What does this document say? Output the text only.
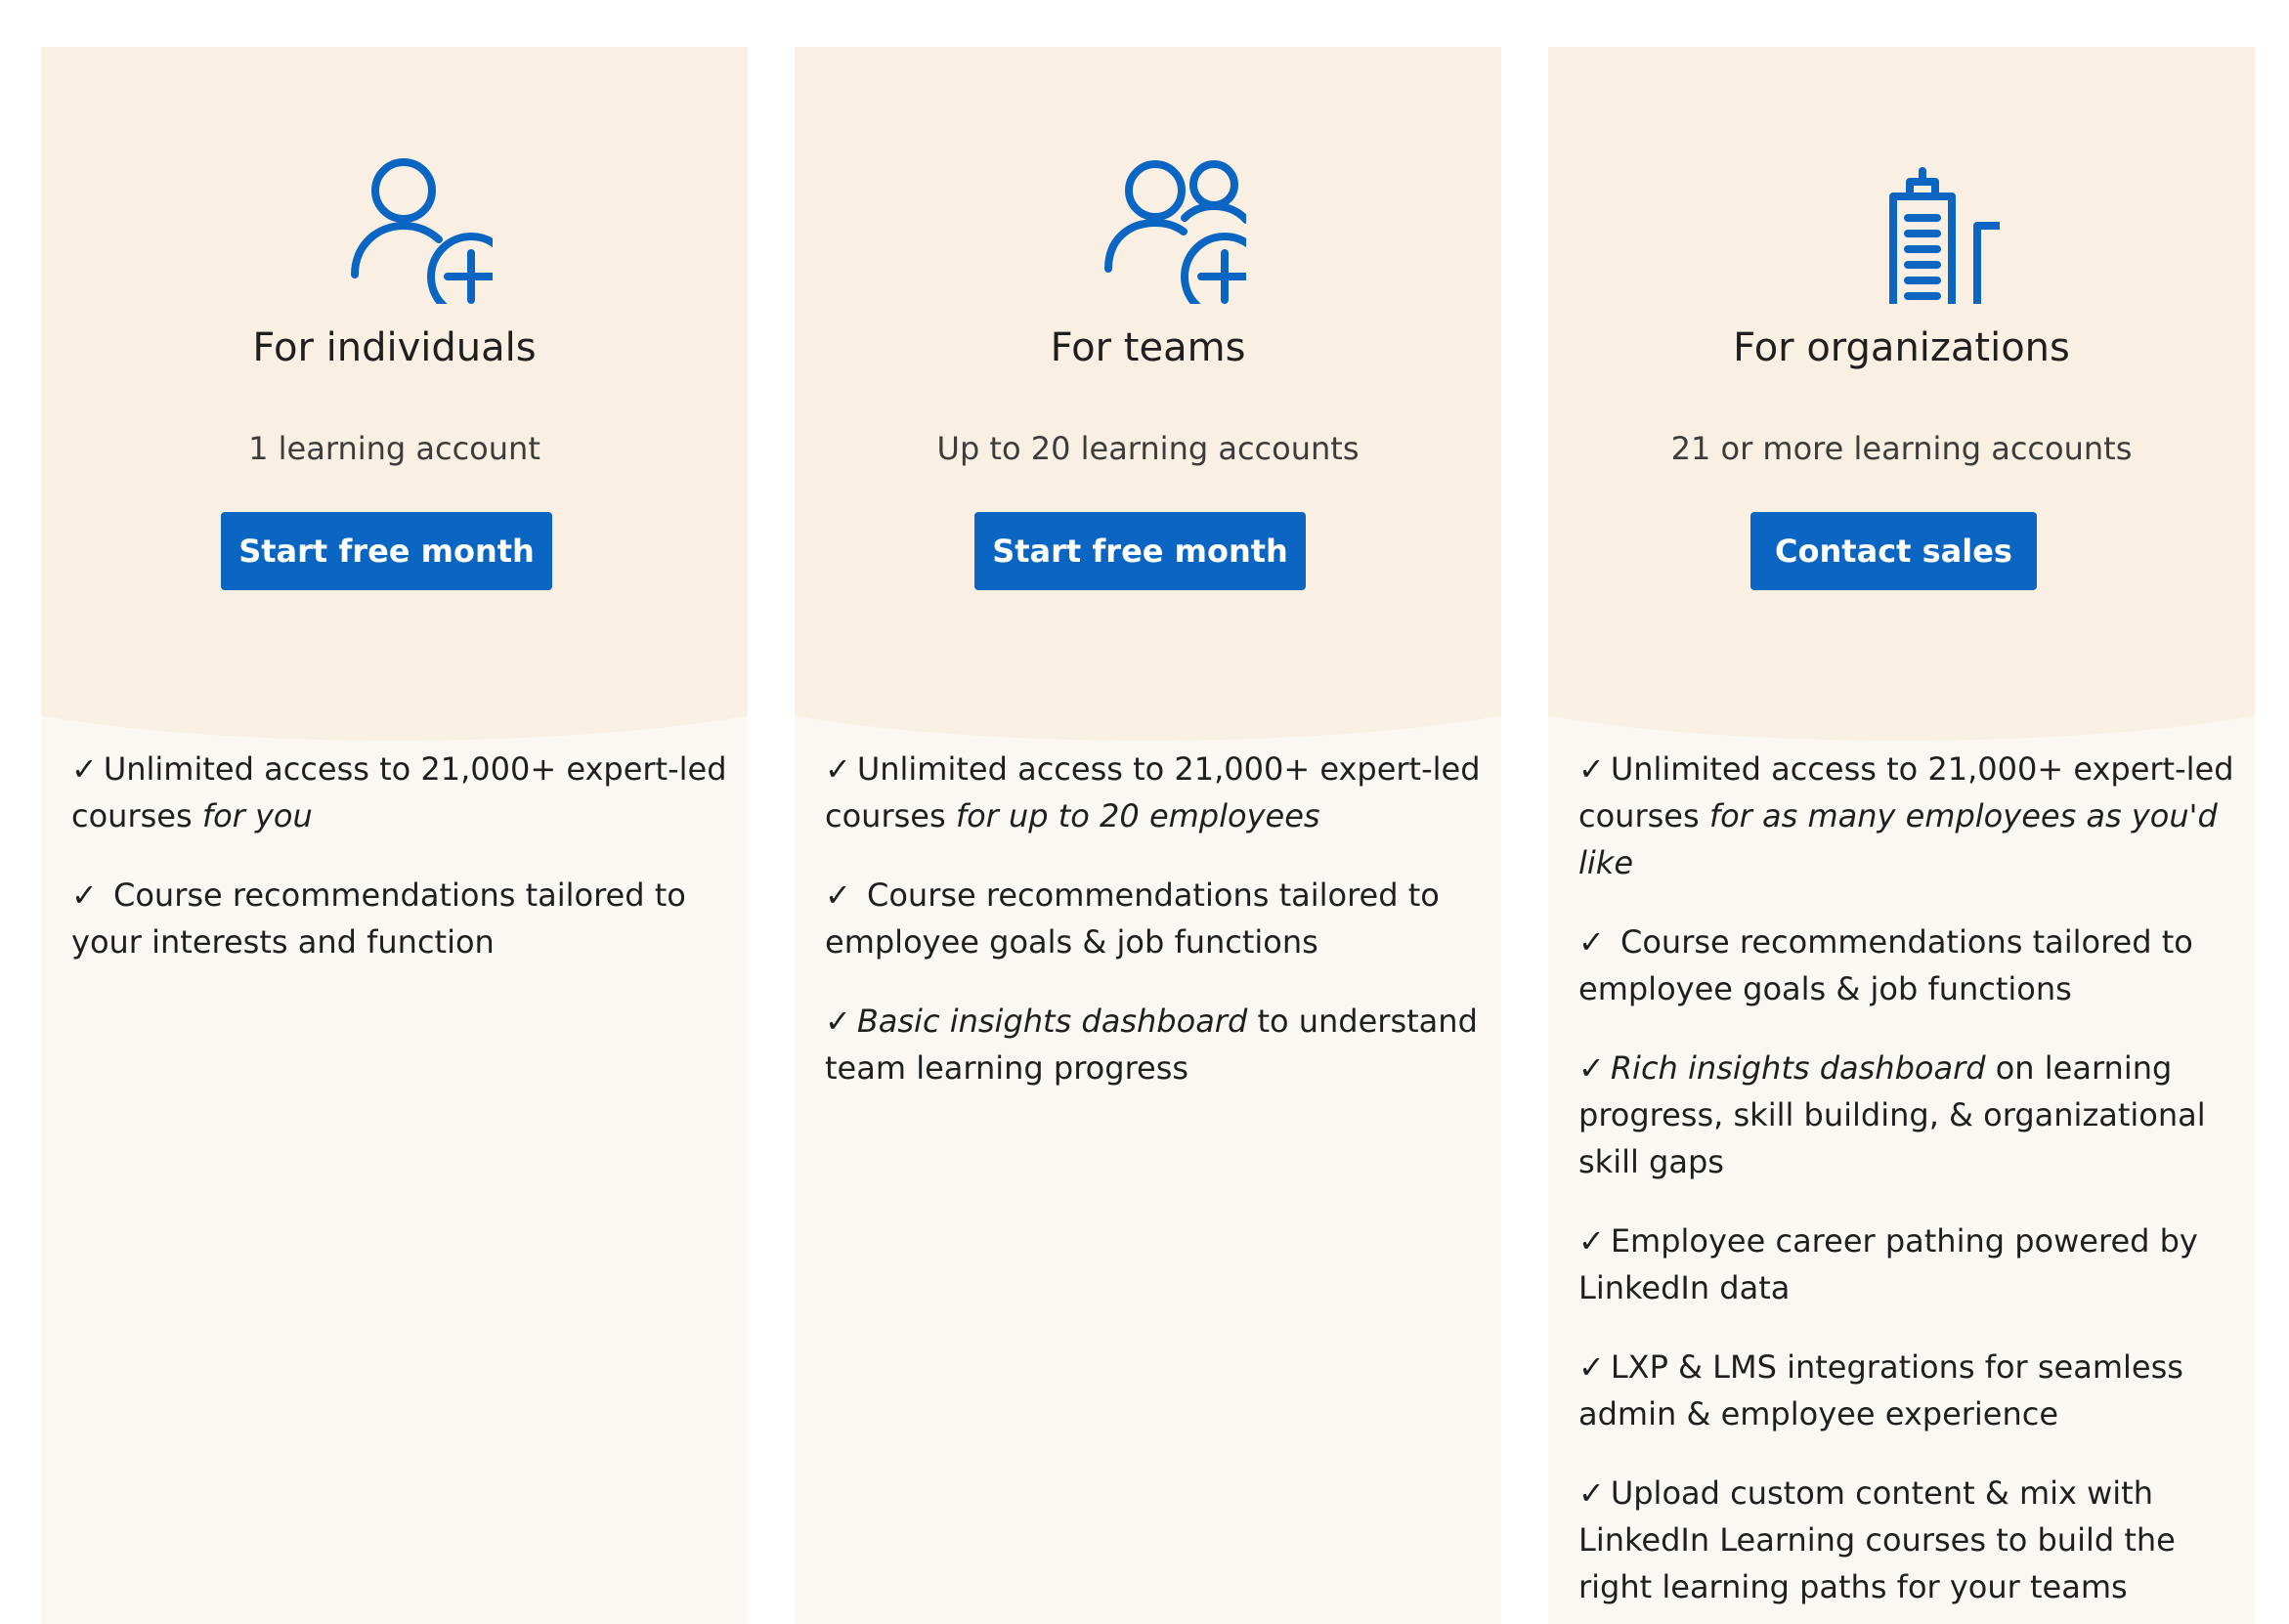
For individuals
1 learning account
Start free month
✓ Unlimited access to 21,000+ expert-led courses for you
✓ Course recommendations tailored to your interests and function
For teams
Up to 20 learning accounts
Start free month
✓ Unlimited access to 21,000+ expert-led courses for up to 20 employees
✓ Course recommendations tailored to employee goals & job functions
✓ Basic insights dashboard to understand team learning progress
For organizations
21 or more learning accounts
Contact sales
✓ Unlimited access to 21,000+ expert-led courses for as many employees as you'd like
✓ Course recommendations tailored to employee goals & job functions
✓ Rich insights dashboard on learning progress, skill building, & organizational skill gaps
✓ Employee career pathing powered by LinkedIn data
✓ LXP & LMS integrations for seamless admin & employee experience
✓ Upload custom content & mix with LinkedIn Learning courses to build the right learning paths for your teams
